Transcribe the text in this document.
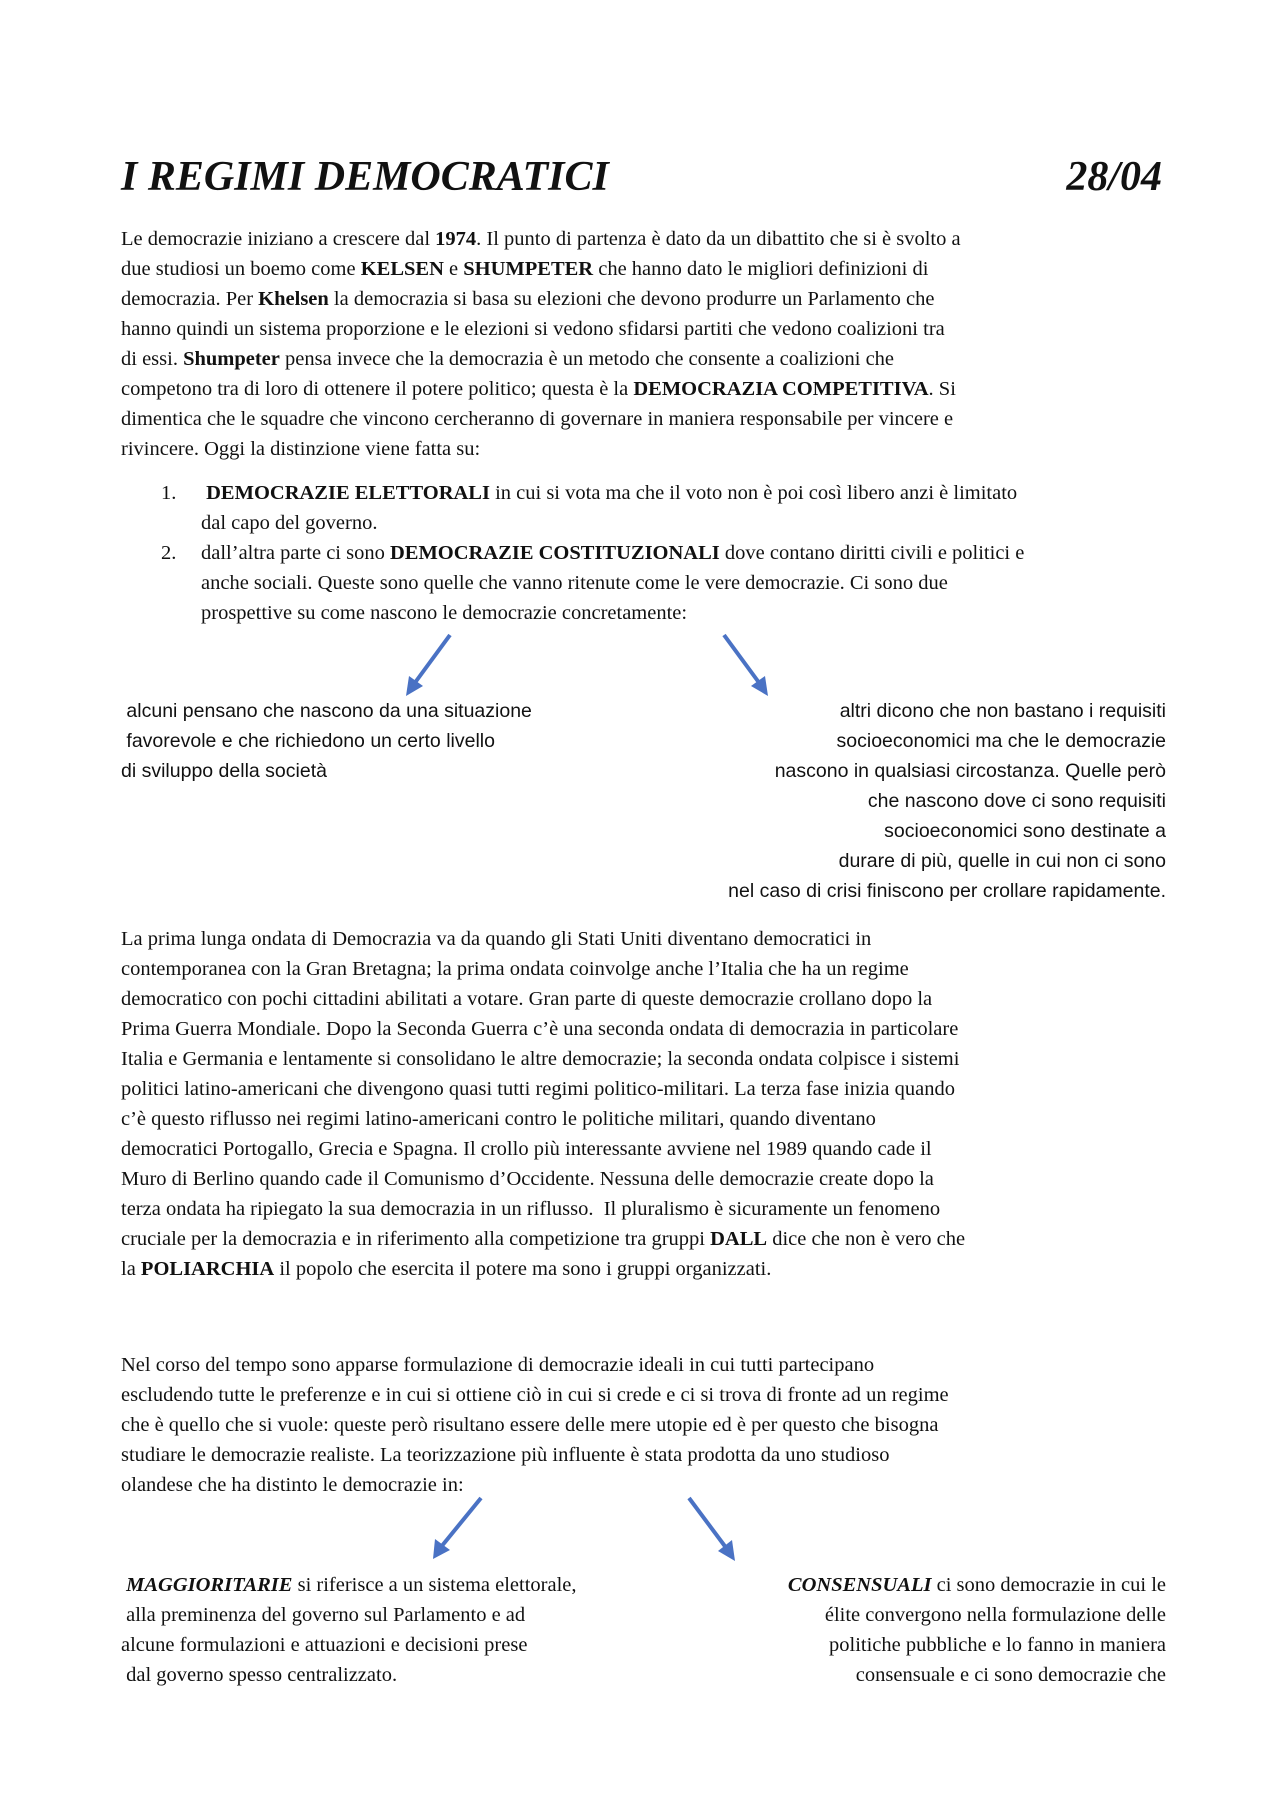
I REGIMI DEMOCRATICI	28/04
Le democrazie iniziano a crescere dal 1974. Il punto di partenza è dato da un dibattito che si è svolto a
due studiosi un boemo come KELSEN e SHUMPETER che hanno dato le migliori definizioni di
democrazia. Per Khelsen la democrazia si basa su elezioni che devono produrre un Parlamento che
hanno quindi un sistema proporzione e le elezioni si vedono sfidarsi partiti che vedono coalizioni tra
di essi. Shumpeter pensa invece che la democrazia è un metodo che consente a coalizioni che
competono tra di loro di ottenere il potere politico; questa è la DEMOCRAZIA COMPETITIVA. Si
dimentica che le squadre che vincono cercheranno di governare in maniera responsabile per vincere e
rivincere. Oggi la distinzione viene fatta su:
1. DEMOCRAZIE ELETTORALI in cui si vota ma che il voto non è poi così libero anzi è limitato
dal capo del governo.
2. dall’altra parte ci sono DEMOCRAZIE COSTITUZIONALI dove contano diritti civili e politici e
anche sociali. Queste sono quelle che vanno ritenute come le vere democrazie. Ci sono due
prospettive su come nascono le democrazie concretamente:
alcuni pensano che nascono da una situazione
favorevole e che richiedono un certo livello
di sviluppo della società
altri dicono che non bastano i requisiti
socioeconomici ma che le democrazie
nascono in qualsiasi circostanza. Quelle però
che nascono dove ci sono requisiti
socioeconomici sono destinate a
durare di più, quelle in cui non ci sono
nel caso di crisi finiscono per crollare rapidamente.
La prima lunga ondata di Democrazia va da quando gli Stati Uniti diventano democratici in
contemporanea con la Gran Bretagna; la prima ondata coinvolge anche l’Italia che ha un regime
democratico con pochi cittadini abilitati a votare. Gran parte di queste democrazie crollano dopo la
Prima Guerra Mondiale. Dopo la Seconda Guerra c’è una seconda ondata di democrazia in particolare
Italia e Germania e lentamente si consolidano le altre democrazie; la seconda ondata colpisce i sistemi
politici latino-americani che divengono quasi tutti regimi politico-militari. La terza fase inizia quando
c’è questo riflusso nei regimi latino-americani contro le politiche militari, quando diventano
democratici Portogallo, Grecia e Spagna. Il crollo più interessante avviene nel 1989 quando cade il
Muro di Berlino quando cade il Comunismo d’Occidente. Nessuna delle democrazie create dopo la
terza ondata ha ripiegato la sua democrazia in un riflusso.  Il pluralismo è sicuramente un fenomeno
cruciale per la democrazia e in riferimento alla competizione tra gruppi DALL dice che non è vero che
la POLIARCHIA il popolo che esercita il potere ma sono i gruppi organizzati.
Nel corso del tempo sono apparse formulazione di democrazie ideali in cui tutti partecipano
escludendo tutte le preferenze e in cui si ottiene ciò in cui si crede e ci si trova di fronte ad un regime
che è quello che si vuole: queste però risultano essere delle mere utopie ed è per questo che bisogna
studiare le democrazie realiste. La teorizzazione più influente è stata prodotta da uno studioso
olandese che ha distinto le democrazie in:
MAGGIORITARIE si riferisce a un sistema elettorale,
alla preminenza del governo sul Parlamento e ad
alcune formulazioni e attuazioni e decisioni prese
dal governo spesso centralizzato.
CONSENSUALI ci sono democrazie in cui le
élite convergono nella formulazione delle
politiche pubbliche e lo fanno in maniera
consensuale e ci sono democrazie che
